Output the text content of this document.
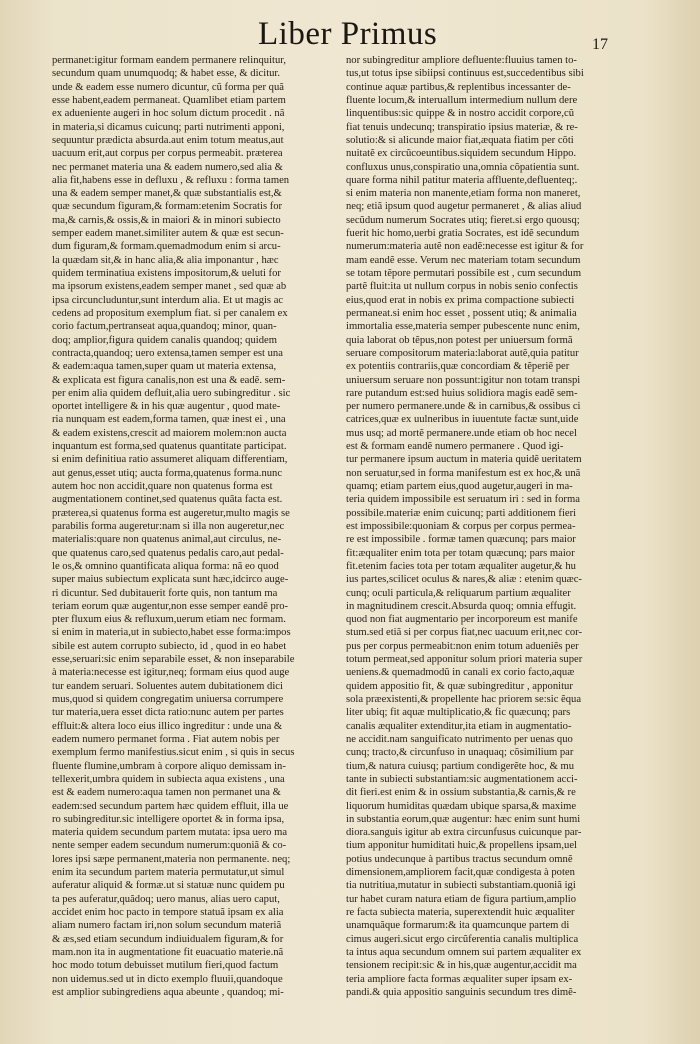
Liber Primus	17
permanet:igitur formam eandem permanere relinquitur,
secundum quam unumquodq; & habet esse, & dicitur.
unde & eadem esse numero dicuntur, cũ forma per quã
esse habent,eadem permaneat. Quamlibet etiam partem
ex adueniente augeri in hoc solum dictum procedit . nã
in materia,si dicamus cuicunq; parti nutrimenti apponi,
sequuntur prædicta absurda.aut enim totum meatus,aut
uacuum erit,aut corpus per corpus permeabit. præterea
nec permanet materia una & eadem numero,sed alia &
alia fit,habens esse in defluxu , & refluxu : forma tamen
una & eadem semper manet,& quæ substantialis est,&
quæ secundum figuram,& formam:etenim Socratis for
ma,& carnis,& ossis,& in maiori & in minori subiecto
semper eadem manet.similiter autem & quæ est secun-
dum figuram,& formam.quemadmodum enim si arcu-
la quædam sit,& in hanc alia,& alia imponantur , hæc
quidem terminatiua existens impositorum,& ueluti for
ma ipsorum existens,eadem semper manet , sed quæ ab
ipsa circuncluduntur,sunt interdum alia. Et ut magis ac
cedens ad propositum exemplum fiat. si per canalem ex
corio factum,pertranseat aqua,quandoq; minor, quan-
doq; amplior,figura quidem canalis quandoq; quidem
contracta,quandoq; uero extensa,tamen semper est una
& eadem:aqua tamen,super quam ut materia extensa,
& explicata est figura canalis,non est una & eadẽ. sem-
per enim alia quidem defluit,alia uero subingreditur . sic
oportet intelligere & in his quæ augentur , quod mate-
ria nunquam est eadem,forma tamen, quæ inest ei , una
& eadem existens,crescit ad maiorem molem:non aucta
inquantum est forma,sed quatenus quantitate participat.
si enim definitiua ratio assumeret aliquam differentiam,
aut genus,esset utiq; aucta forma,quatenus forma.nunc
autem hoc non accidit,quare non quatenus forma est
augmentationem continet,sed quatenus quãta facta est.
præterea,si quatenus forma est augeretur,multo magis se
parabilis forma augeretur:nam si illa non augeretur,nec
materialis:quare non quatenus animal,aut circulus, ne-
que quatenus caro,sed quatenus pedalis caro,aut pedal-
le os,& omnino quantificata aliqua forma: nã eo quod
super maius subiectum explicata sunt hæc,idcirco auge-
ri dicuntur. Sed dubitauerit forte quis, non tantum ma
teriam eorum quæ augentur,non esse semper eandẽ pro-
pter fluxum eius & refluxum,uerum etiam nec formam.
si enim in materia,ut in subiecto,habet esse forma:impos
sibile est autem corrupto subiecto, id , quod in eo habet
esse,seruari:sic enim separabile esset, & non inseparabile
à materia:necesse est igitur,neq; formam eius quod auge
tur eandem seruari. Soluentes autem dubitationem dici
mus,quod si quidem congregatim uniuersa corrumpere
tur materia,uera esset dicta ratio:nunc autem per partes
effluit:& altera loco eius illico ingreditur : unde una &
eadem numero permanet forma . Fiat autem nobis per
exemplum fermo manifestius.sicut enim , si quis in secus
fluente flumine,umbram à corpore aliquo demissam in-
tellexerit,umbra quidem in subiecta aqua existens , una
est & eadem numero:aqua tamen non permanet una &
eadem:sed secundum partem hæc quidem effluit, illa ue
ro subingreditur.sic intelligere oportet & in forma ipsa,
materia quidem secundum partem mutata: ipsa uero ma
nente semper eadem secundum numerum:quoniã & co-
lores ipsi sæpe permanent,materia non permanente. neq;
enim ita secundum partem materia permutatur,ut simul
auferatur aliquid & formæ.ut si statuæ nunc quidem pu
ta pes auferatur,quãdoq; uero manus, alias uero caput,
accidet enim hoc pacto in tempore statuã ipsam ex alia
aliam numero factam iri,non solum secundum materiã
& æs,sed etiam secundum indiuidualem figuram,& for
mam.non ita in augmentatione fit euacuatio materie.nã
hoc modo totum debuisset mutilum fieri,quod factum
non uidemus.sed ut in dicto exemplo fluuii,quandoque
est amplior subingrediens aqua abeunte , quandoq; mi-
nor subingreditur ampliore defluente:fluuius tamen to-
tus,ut totus ipse sibiipsi continuus est,succedentibus sibi
continue aquæ partibus,& replentibus incessanter de-
fluente locum,& interuallum intermedium nullum dere
linquentibus:sic quippe & in nostro accidit corpore,cũ
fiat tenuis undecunq; transpiratio ipsius materiæ, & re-
solutio:& si alicunde maior fiat,æquata fiatim per cõti
nuitatẽ ex circũcoeuntibus.siquidem secundum Hippo.
confluxus unus,conspiratio una,omnia cõpatientia sunt.
quare forma nihil patitur materia affluente,defluenteq;.
si enim materia non manente,etiam forma non maneret,
neq; etiã ipsum quod augetur permaneret , & alias aliud
secũdum numerum Socrates utiq; fieret.si ergo quousq;
fuerit hic homo,uerbi gratia Socrates, est idẽ secundum
numerum:materia autẽ non eadẽ:necesse est igitur & for
mam eandẽ esse. Verum nec materiam totam secundum
se totam tẽpore permutari possibile est , cum secundum
partẽ fluit:ita ut nullum corpus in nobis senio confectis
eius,quod erat in nobis ex prima compactione subiecti
permaneat.si enim hoc esset , possent utiq; & animalia
immortalia esse,materia semper pubescente nunc enim,
quia laborat ob tẽpus,non potest per uniuersum formã
seruare compositorum materia:laborat autẽ,quia patitur
ex potentiis contrariis,quæ concordiam & tẽperiẽ per
uniuersum seruare non possunt:igitur non totam transpi
rare putandum est:sed huius solidiora magis eadẽ sem-
per numero permanere.unde & in carnibus,& ossibus ci
catrices,quæ ex uulneribus in iuuentute factæ sunt,uide
mus usq; ad mortẽ permanere.unde etiam ob hoc necel
est & formam eandẽ numero permanere . Quod igi-
tur permanere ipsum auctum in materia quidẽ ueritatem
non seruatur,sed in forma manifestum est ex hoc,& unã
quamq; etiam partem eius,quod augetur,augeri in ma-
teria quidem impossibile est seruatum iri : sed in forma
possibile.materiæ enim cuicunq; parti additionem fieri
est impossibile:quoniam & corpus per corpus permea-
re est impossibile . formæ tamen quæcunq; pars maior
fit:æqualiter enim tota per totam quæcunq; pars maior
fit.etenim facies tota per totam æqualiter augetur,& hu
ius partes,scilicet oculus & nares,& aliæ : etenim quæc-
cunq; oculi particula,& reliquarum partium æqualiter
in magnitudinem crescit.Absurda quoq; omnia effugit.
quod non fiat augmentario per incorporeum est manife
stum.sed etiã si per corpus fiat,nec uacuum erit,nec cor-
pus per corpus permeabit:non enim totum adueniẽs per
totum permeat,sed apponitur solum priori materia super
ueniens.& quemadmodũ in canali ex corio facto,aquæ
quidem appositio fit, & quæ subingreditur , apponitur
sola præexistenti,& propellente hac priorem se:sic ẽqua
liter ubiq; fit aquæ multiplicatio,& fic quæcunq; pars
canalis æqualiter extenditur,ita etiam in augmentatio-
ne accidit.nam sanguificato nutrimento per uenas quo
cunq; tracto,& circunfuso in unaquaq; cõsimilium par
tium,& natura cuiusq; partium condigerẽte hoc, & mu
tante in subiecti substantiam:sic augmentationem acci-
dit fieri.est enim & in ossium substantia,& carnis,& re
liquorum humiditas quædam ubique sparsa,& maxime
in substantia eorum,quæ augentur: hæc enim sunt humi
diora.sanguis igitur ab extra circunfusus cuicunque par-
tium apponitur humiditati huic,& propellens ipsam,uel
potius undecunque à partibus tractus secundum omnẽ
dimensionem,ampliorem facit,quæ condigesta à poten
tia nutritiua,mutatur in subiecti substantiam.quoniã igi
tur habet curam natura etiam de figura partium,amplio
re facta subiecta materia, superextendit huic æqualiter
unamquãque formarum:& ita quamcunque partem di
cimus augeri.sicut ergo circũferentia canalis multiplica
ta intus aqua secundum omnem sui partem æqualiter ex
tensionem recipit:sic & in his,quæ augentur,accidit ma
teria ampliore facta formas æqualiter super ipsam ex-
pandi.& quia appositio sanguinis secundum tres dimẽ-
